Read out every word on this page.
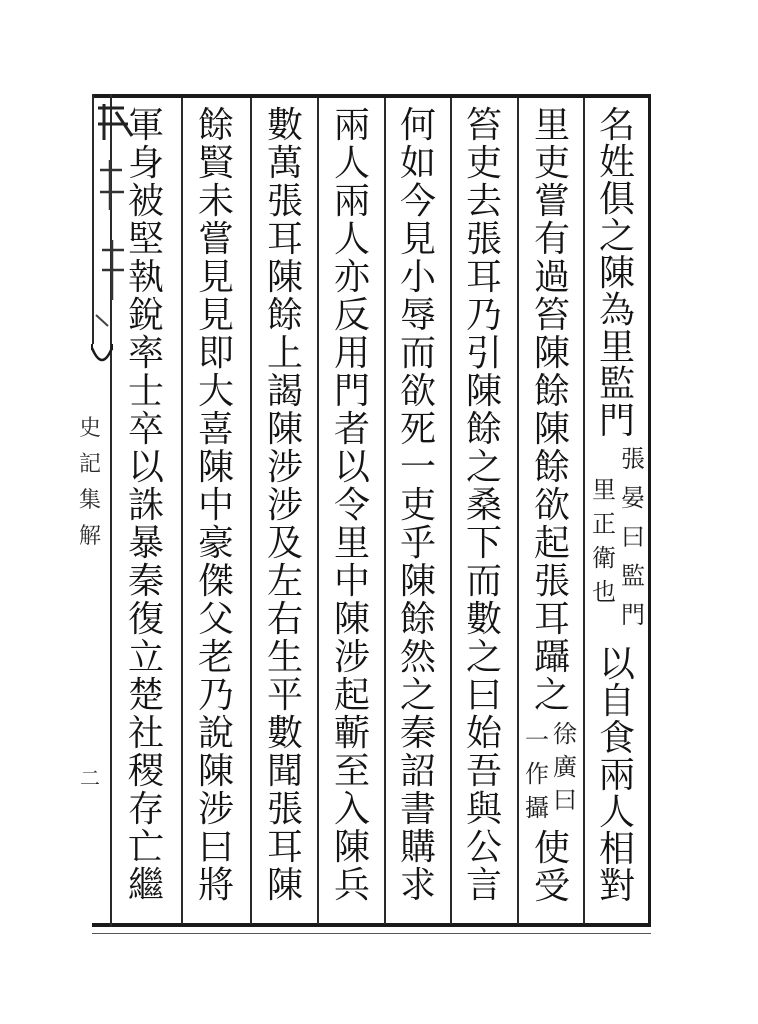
史
記
集
解
二
名
姓
俱
之
陳
為
里
監
門
張
晏
曰
監
門
里
正
衛
也
以
自
食
兩
人
相
對
里
吏
嘗
有
過
笞
陳
餘
陳
餘
欲
起
張
耳
躡
之
徐
廣
曰
一
作
攝
使
受
笞
吏
去
張
耳
乃
引
陳
餘
之
桑
下
而
數
之
曰
始
吾
與
公
言
何
如
今
見
小
辱
而
欲
死
一
吏
乎
陳
餘
然
之
秦
詔
書
購
求
兩
人
兩
人
亦
反
用
門
者
以
令
里
中
陳
涉
起
蘄
至
入
陳
兵
數
萬
張
耳
陳
餘
上
謁
陳
涉
涉
及
左
右
生
平
數
聞
張
耳
陳
餘
賢
未
嘗
見
見
即
大
喜
陳
中
豪
傑
父
老
乃
說
陳
涉
曰
將
軍
身
被
堅
執
銳
率
士
卒
以
誅
暴
秦
復
立
楚
社
稷
存
亡
繼
